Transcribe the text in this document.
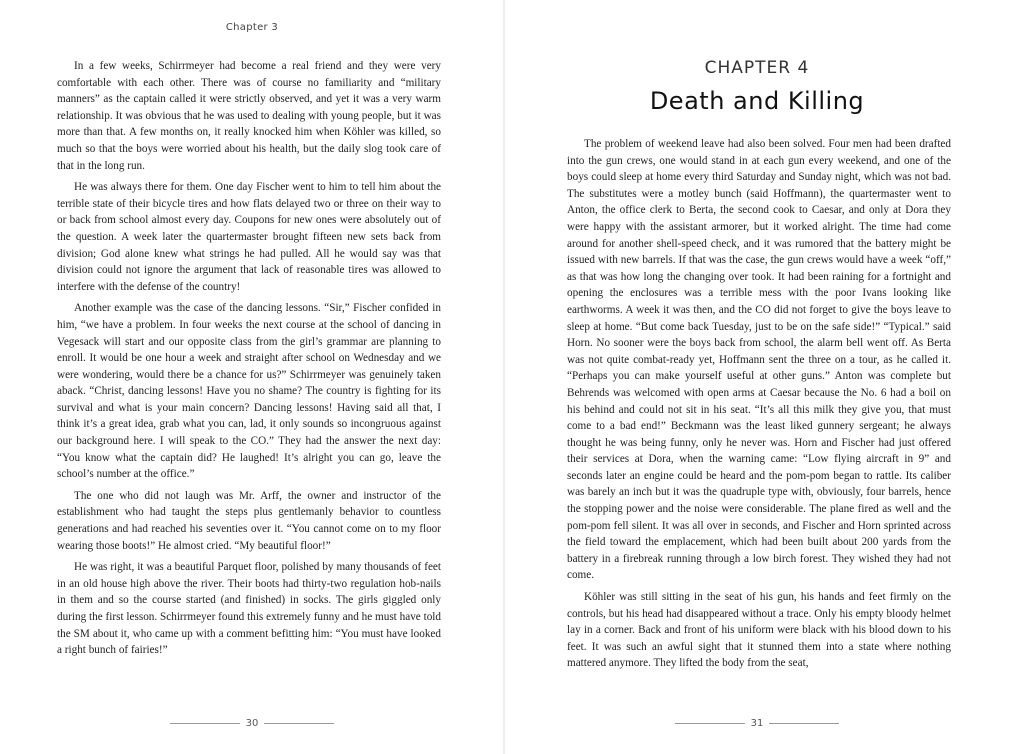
Chapter 3

In a few weeks, Schirrmeyer had become a real friend and they were very comfortable with each other. There was of course no familiarity and “military manners” as the captain called it were strictly observed, and yet it was a very warm relationship. It was obvious that he was used to dealing with young people, but it was more than that. A few months on, it really knocked him when Köhler was killed, so much so that the boys were worried about his health, but the daily slog took care of that in the long run.

He was always there for them. One day Fischer went to him to tell him about the terrible state of their bicycle tires and how flats delayed two or three on their way to or back from school almost every day. Coupons for new ones were absolutely out of the question. A week later the quartermaster brought fifteen new sets back from division; God alone knew what strings he had pulled. All he would say was that division could not ignore the argument that lack of reasonable tires was allowed to interfere with the defense of the country!

Another example was the case of the dancing lessons. “Sir,” Fischer confided in him, “we have a problem. In four weeks the next course at the school of dancing in Vegesack will start and our opposite class from the girl’s grammar are planning to enroll. It would be one hour a week and straight after school on Wednesday and we were wondering, would there be a chance for us?” Schirrmeyer was genuinely taken aback. “Christ, dancing lessons! Have you no shame? The country is fighting for its survival and what is your main concern? Dancing lessons! Having said all that, I think it’s a great idea, grab what you can, lad, it only sounds so incongruous against our background here. I will speak to the CO.” They had the answer the next day: “You know what the captain did? He laughed! It’s alright you can go, leave the school’s number at the office.”

The one who did not laugh was Mr. Arff, the owner and instructor of the establishment who had taught the steps plus gentlemanly behavior to countless generations and had reached his seventies over it. “You cannot come on to my floor wearing those boots!” He almost cried. “My beautiful floor!”

He was right, it was a beautiful Parquet floor, polished by many thousands of feet in an old house high above the river. Their boots had thirty-two regulation hob-nails in them and so the course started (and finished) in socks. The girls giggled only during the first lesson. Schirrmeyer found this extremely funny and he must have told the SM about it, who came up with a comment befitting him: “You must have looked a right bunch of fairies!”

30
CHAPTER 4
Death and Killing

The problem of weekend leave had also been solved. Four men had been drafted into the gun crews, one would stand in at each gun every weekend, and one of the boys could sleep at home every third Saturday and Sunday night, which was not bad. The substitutes were a motley bunch (said Hoffmann), the quartermaster went to Anton, the office clerk to Berta, the second cook to Caesar, and only at Dora they were happy with the assistant armorer, but it worked alright. The time had come around for another shell-speed check, and it was rumored that the battery might be issued with new barrels. If that was the case, the gun crews would have a week “off,” as that was how long the changing over took. It had been raining for a fortnight and opening the enclosures was a terrible mess with the poor Ivans looking like earthworms. A week it was then, and the CO did not forget to give the boys leave to sleep at home. “But come back Tuesday, just to be on the safe side!” “Typical.” said Horn. No sooner were the boys back from school, the alarm bell went off. As Berta was not quite combat-ready yet, Hoffmann sent the three on a tour, as he called it. “Perhaps you can make yourself useful at other guns.” Anton was complete but Behrends was welcomed with open arms at Caesar because the No. 6 had a boil on his behind and could not sit in his seat. “It’s all this milk they give you, that must come to a bad end!” Beckmann was the least liked gunnery sergeant; he always thought he was being funny, only he never was. Horn and Fischer had just offered their services at Dora, when the warning came: “Low flying aircraft in 9” and seconds later an engine could be heard and the pom-pom began to rattle. Its caliber was barely an inch but it was the quadruple type with, obviously, four barrels, hence the stopping power and the noise were considerable. The plane fired as well and the pom-pom fell silent. It was all over in seconds, and Fischer and Horn sprinted across the field toward the emplacement, which had been built about 200 yards from the battery in a firebreak running through a low birch forest. They wished they had not come.

Köhler was still sitting in the seat of his gun, his hands and feet firmly on the controls, but his head had disappeared without a trace. Only his empty bloody helmet lay in a corner. Back and front of his uniform were black with his blood down to his feet. It was such an awful sight that it stunned them into a state where nothing mattered anymore. They lifted the body from the seat,

31
